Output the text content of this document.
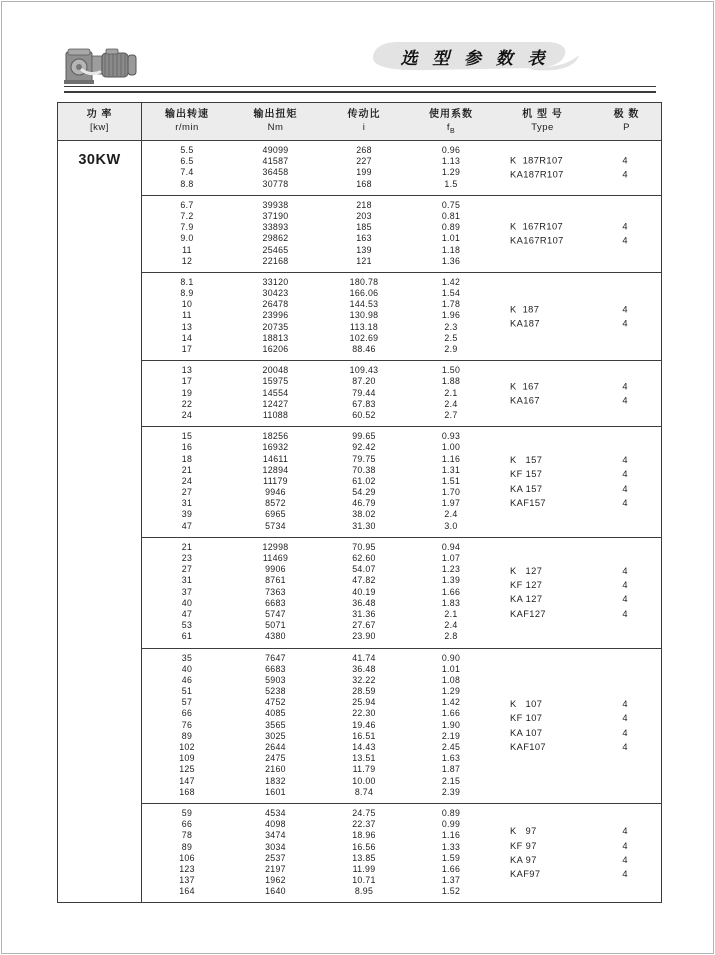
选 型 参 数 表
功 率
[kw]
输出转速
r/min
输出扭矩
Nm
传动比
i
使用系数
$f_B$
机 型 号
Type
极 数
P
30KW
5.5	49099	268	0.96
6.5	41587	227	1.13
7.4	36458	199	1.29
8.8	30778	168	1.5
K  187R107	4
KA187R107	4
6.7	39938	218	0.75
7.2	37190	203	0.81
7.9	33893	185	0.89
9.0	29862	163	1.01
11	25465	139	1.18
12	22168	121	1.36
K  167R107	4
KA167R107	4
8.1	33120	180.78	1.42
8.9	30423	166.06	1.54
10	26478	144.53	1.78
11	23996	130.98	1.96
13	20735	113.18	2.3
14	18813	102.69	2.5
17	16206	88.46	2.9
K  187	4
KA187	4
13	20048	109.43	1.50
17	15975	87.20	1.88
19	14554	79.44	2.1
22	12427	67.83	2.4
24	11088	60.52	2.7
K  167	4
KA167	4
15	18256	99.65	0.93
16	16932	92.42	1.00
18	14611	79.75	1.16
21	12894	70.38	1.31
24	11179	61.02	1.51
27	9946	54.29	1.70
31	8572	46.79	1.97
39	6965	38.02	2.4
47	5734	31.30	3.0
K   157	4
KF 157	4
KA 157	4
KAF157	4
21	12998	70.95	0.94
23	11469	62.60	1.07
27	9906	54.07	1.23
31	8761	47.82	1.39
37	7363	40.19	1.66
40	6683	36.48	1.83
47	5747	31.36	2.1
53	5071	27.67	2.4
61	4380	23.90	2.8
K   127	4
KF 127	4
KA 127	4
KAF127	4
35	7647	41.74	0.90
40	6683	36.48	1.01
46	5903	32.22	1.08
51	5238	28.59	1.29
57	4752	25.94	1.42
66	4085	22.30	1.66
76	3565	19.46	1.90
89	3025	16.51	2.19
102	2644	14.43	2.45
109	2475	13.51	1.63
125	2160	11.79	1.87
147	1832	10.00	2.15
168	1601	8.74	2.39
K   107	4
KF 107	4
KA 107	4
KAF107	4
59	4534	24.75	0.89
66	4098	22.37	0.99
78	3474	18.96	1.16
89	3034	16.56	1.33
106	2537	13.85	1.59
123	2197	11.99	1.66
137	1962	10.71	1.37
164	1640	8.95	1.52
K   97	4
KF 97	4
KA 97	4
KAF97	4
